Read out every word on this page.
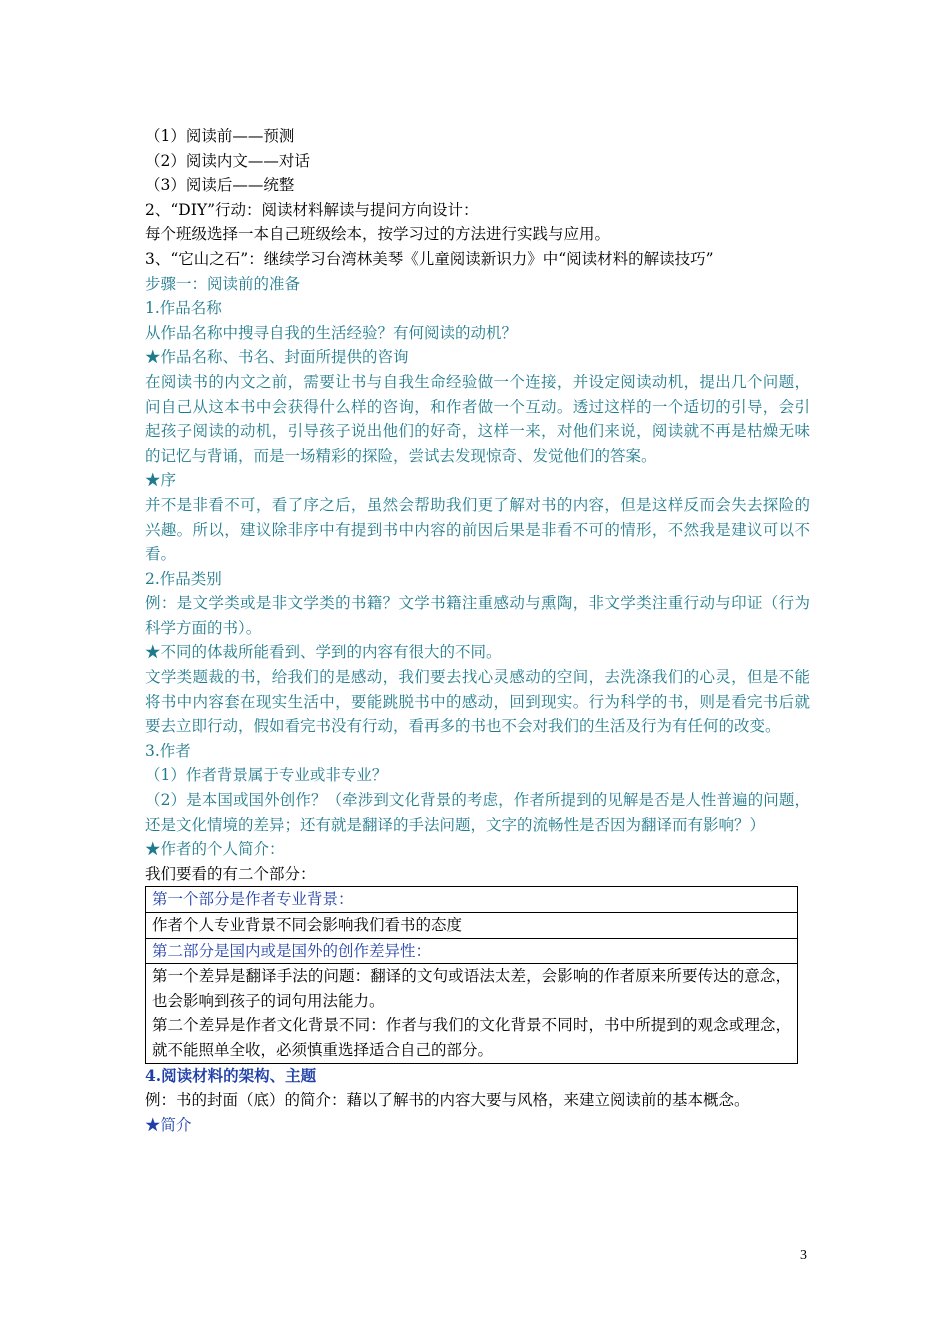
（1）阅读前——预测
（2）阅读内文——对话
（3）阅读后——统整
2、“DIY”行动：阅读材料解读与提问方向设计：
每个班级选择一本自己班级绘本，按学习过的方法进行实践与应用。
3、“它山之石”：继续学习台湾林美琴《儿童阅读新识力》中“阅读材料的解读技巧”
步骤一：阅读前的准备
1.作品名称
从作品名称中搜寻自我的生活经验？有何阅读的动机？
★作品名称、书名、封面所提供的咨询
在阅读书的内文之前，需要让书与自我生命经验做一个连接，并设定阅读动机，提出几个问题，问自己从这本书中会获得什么样的咨询，和作者做一个互动。透过这样的一个适切的引导，会引起孩子阅读的动机，引导孩子说出他们的好奇，这样一来，对他们来说，阅读就不再是枯燥无味的记忆与背诵，而是一场精彩的探险，尝试去发现惊奇、发觉他们的答案。
★序
并不是非看不可，看了序之后，虽然会帮助我们更了解对书的内容，但是这样反而会失去探险的兴趣。所以，建议除非序中有提到书中内容的前因后果是非看不可的情形，不然我是建议可以不看。
2.作品类别
例：是文学类或是非文学类的书籍？文学书籍注重感动与熏陶，非文学类注重行动与印证（行为科学方面的书）。
★不同的体裁所能看到、学到的内容有很大的不同。
文学类题裁的书，给我们的是感动，我们要去找心灵感动的空间，去洗涤我们的心灵，但是不能将书中内容套在现实生活中，要能跳脱书中的感动，回到现实。行为科学的书，则是看完书后就要去立即行动，假如看完书没有行动，看再多的书也不会对我们的生活及行为有任何的改变。
3.作者
（1）作者背景属于专业或非专业？
（2）是本国或国外创作？（牵涉到文化背景的考虑，作者所提到的见解是否是人性普遍的问题，还是文化情境的差异；还有就是翻译的手法问题，文字的流畅性是否因为翻译而有影响？）
★作者的个人简介：
我们要看的有二个部分：
第一个部分是作者专业背景：
作者个人专业背景不同会影响我们看书的态度
第二部分是国内或是国外的创作差异性：

第一个差异是翻译手法的问题：翻译的文句或语法太差，会影响的作者原来所要传达的意念，也会影响到孩子的词句用法能力。
第二个差异是作者文化背景不同：作者与我们的文化背景不同时，书中所提到的观念或理念，就不能照单全收，必须慎重选择适合自己的部分。
4.阅读材料的架构、主题
例：书的封面（底）的简介：藉以了解书的内容大要与风格，来建立阅读前的基本概念。
★简介
3
